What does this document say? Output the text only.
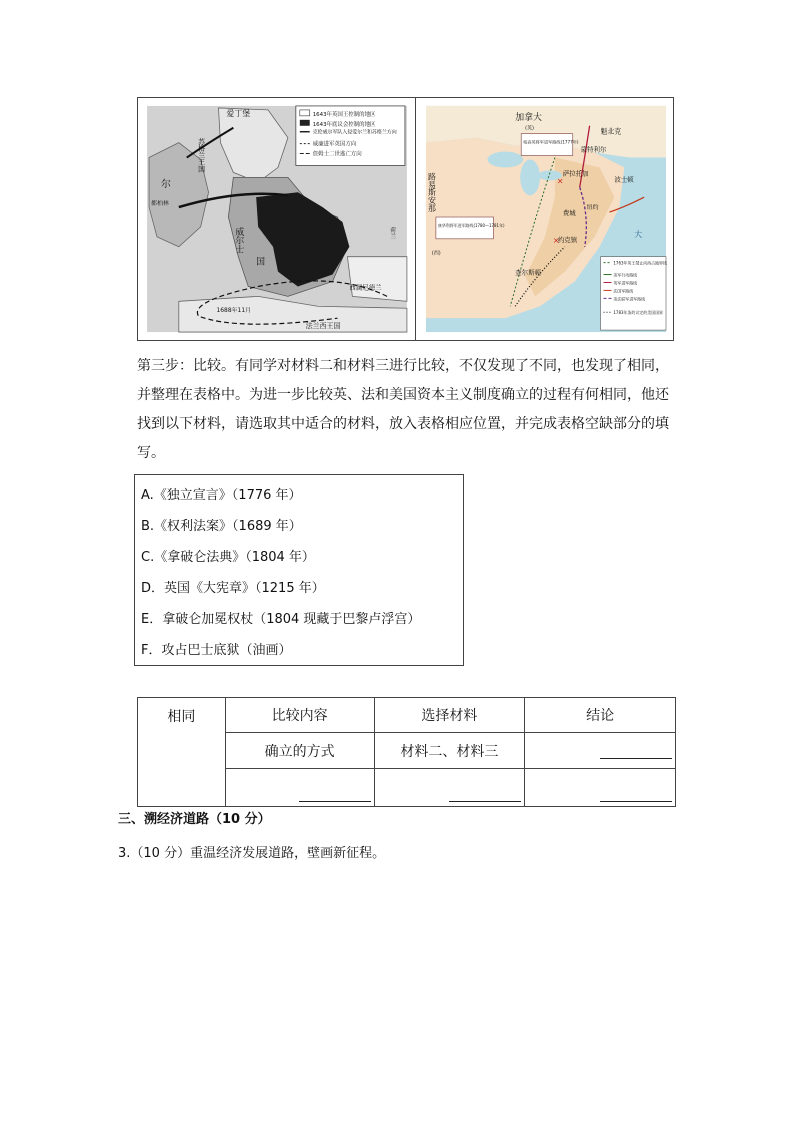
1643年英国王控制的地区
1643年底议会控制的地区
克伦威尔军队入侵爱尔兰和苏格兰方向
威廉进军英国方向
詹姆士二世逃亡方向
爱丁堡
苏格兰王国
尔
都柏林
威尔士
国
荷兰
西属尼德兰
1688年11月
法兰西王国
加拿大
(英)
路易斯安那
(西)
魁北克
蒙特利尔
萨拉托加
波士顿
纽约
费城
约克镇
查尔斯顿
大
柏高英将军进军路线(1777年)
康华利将军进军路线(1780—1781年)
×
×
1763年英王禁止向西占地界线
美军行动路线
英军进军路线
法国军路线
美法联军进军路线
1783年条约议定的美国国界
第三步：比较。有同学对材料二和材料三进行比较，不仅发现了不同，也发现了相同，
并整理在表格中。为进一步比较英、法和美国资本主义制度确立的过程有何相同，他还
找到以下材料，请选取其中适合的材料，放入表格相应位置，并完成表格空缺部分的填
写。
A.《独立宣言》（1776 年）
B.《权利法案》（1689 年）
C.《拿破仑法典》（1804 年）
D．英国《大宪章》（1215 年）
E．拿破仑加冕权杖（1804 现藏于巴黎卢浮宫）
F．攻占巴士底狱（油画）
相同	比较内容	选择材料	结论
	确立的方式	材料二、材料三	

三、溯经济道路（10 分）
3.（10 分）重温经济发展道路，壁画新征程。
